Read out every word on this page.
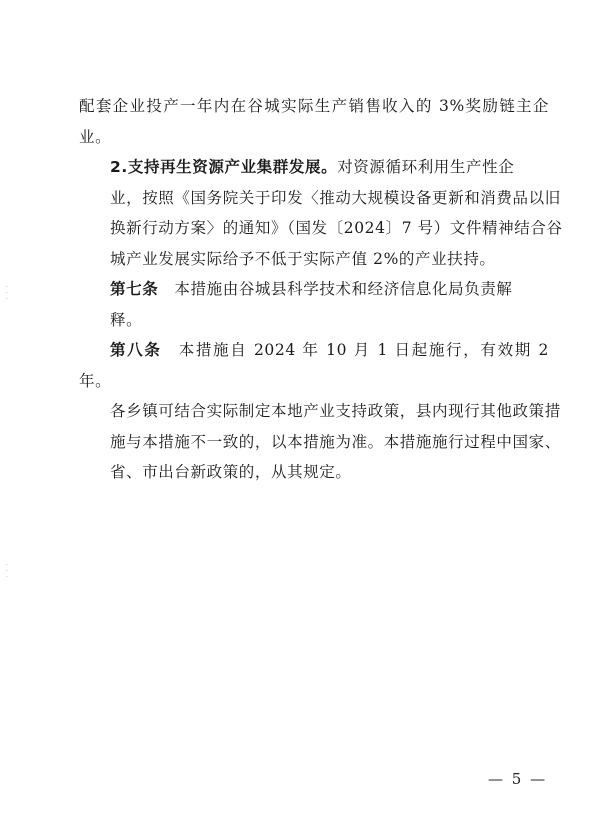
·
·
·
·
·
·

配套企业投产一年内在谷城实际生产销售收入的 3%奖励链主企业。

2.支持再生资源产业集群发展。对资源循环利用生产性企
业，按照《国务院关于印发〈推动大规模设备更新和消费品以旧
换新行动方案〉的通知》（国发〔2024〕7 号）文件精神结合谷
城产业发展实际给予不低于实际产值 2%的产业扶持。

第七条　 本措施由谷城县科学技术和经济信息化局负责解
释。

第八条　 本措施自 2024 年 10 月 1 日起施行，有效期 2 年。
各乡镇可结合实际制定本地产业支持政策，县内现行其他政策措
施与本措施不一致的，以本措施为准。本措施施行过程中国家、
省、市出台新政策的，从其规定。

— 5 —
